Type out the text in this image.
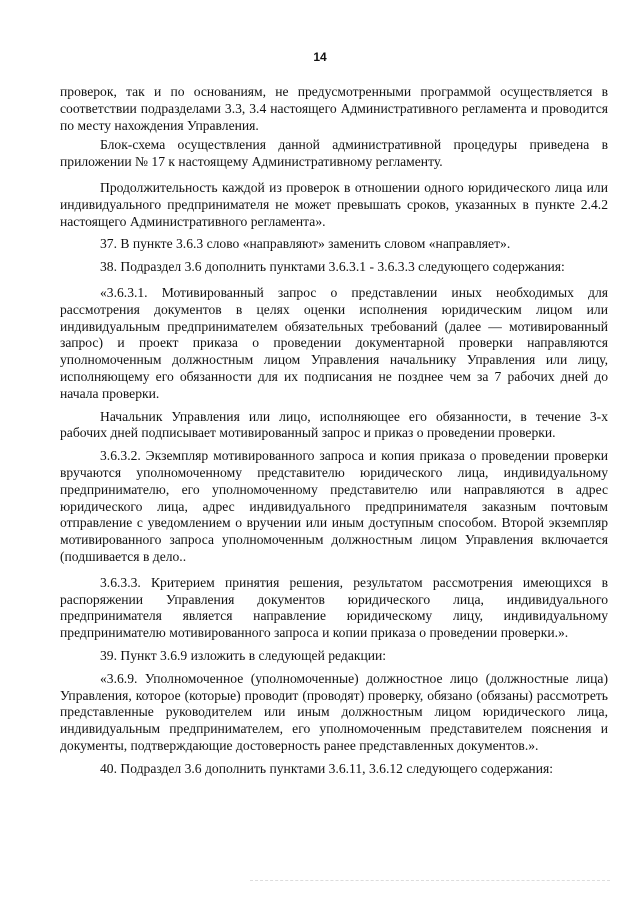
14

проверок, так и по основаниям, не предусмотренными программой осуществляется в соответствии подразделами 3.3, 3.4 настоящего Административного регламента и проводится по месту нахождения Управления.

Блок-схема осуществления данной административной процедуры приведена в приложении № 17 к настоящему Административному регламенту.

Продолжительность каждой из проверок в отношении одного юридического лица или индивидуального предпринимателя не может превышать сроков, указанных в пункте 2.4.2 настоящего Административного регламента».

37. В пункте 3.6.3 слово «направляют» заменить словом «направляет».

38. Подраздел 3.6 дополнить пунктами 3.6.3.1 - 3.6.3.3 следующего содержания:

«3.6.3.1. Мотивированный запрос о представлении иных необходимых для рассмотрения документов в целях оценки исполнения юридическим лицом или индивидуальным предпринимателем обязательных требований (далее — мотивированный запрос) и проект приказа о проведении документарной проверки направляются уполномоченным должностным лицом Управления начальнику Управления или лицу, исполняющему его обязанности для их подписания не позднее чем за 7 рабочих дней до начала проверки.

Начальник Управления или лицо, исполняющее его обязанности, в течение 3-х рабочих дней подписывает мотивированный запрос и приказ о проведении проверки.

3.6.3.2. Экземпляр мотивированного запроса и копия приказа о проведении проверки вручаются уполномоченному представителю юридического лица, индивидуальному предпринимателю, его уполномоченному представителю или направляются в адрес юридического лица, адрес индивидуального предпринимателя заказным почтовым отправление с уведомлением о вручении или иным доступным способом. Второй экземпляр мотивированного запроса уполномоченным должностным лицом Управления включается (подшивается в дело..

3.6.3.3. Критерием принятия решения, результатом рассмотрения имеющихся в распоряжении Управления документов юридического лица, индивидуального предпринимателя является направление юридическому лицу, индивидуальному предпринимателю мотивированного запроса и копии приказа о проведении проверки.».

39. Пункт 3.6.9 изложить в следующей редакции:

«3.6.9. Уполномоченное (уполномоченные) должностное лицо (должностные лица) Управления, которое (которые) проводит (проводят) проверку, обязано (обязаны) рассмотреть представленные руководителем или иным должностным лицом юридического лица, индивидуальным предпринимателем, его уполномоченным представителем пояснения и документы, подтверждающие достоверность ранее представленных документов.».

40. Подраздел 3.6 дополнить пунктами 3.6.11, 3.6.12 следующего содержания:
